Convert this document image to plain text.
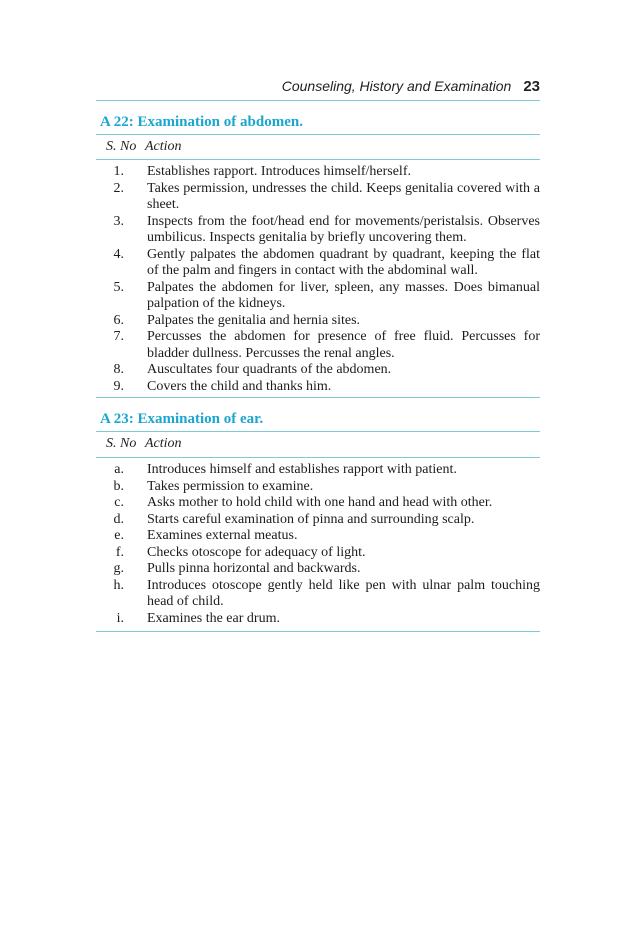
Counseling, History and Examination 23
A 22: Examination of abdomen.
S. No Action
1. Establishes rapport. Introduces himself/herself.
2. Takes permission, undresses the child. Keeps genitalia covered with a sheet.
3. Inspects from the foot/head end for movements/peristalsis. Observes umbilicus. Inspects genitalia by briefly uncovering them.
4. Gently palpates the abdomen quadrant by quadrant, keeping the flat of the palm and fingers in contact with the abdominal wall.
5. Palpates the abdomen for liver, spleen, any masses. Does bimanual palpation of the kidneys.
6. Palpates the genitalia and hernia sites.
7. Percusses the abdomen for presence of free fluid. Percusses for bladder dullness. Percusses the renal angles.
8. Auscultates four quadrants of the abdomen.
9. Covers the child and thanks him.
A 23: Examination of ear.
S. No Action
a. Introduces himself and establishes rapport with patient.
b. Takes permission to examine.
c. Asks mother to hold child with one hand and head with other.
d. Starts careful examination of pinna and surrounding scalp.
e. Examines external meatus.
f. Checks otoscope for adequacy of light.
g. Pulls pinna horizontal and backwards.
h. Introduces otoscope gently held like pen with ulnar palm touching head of child.
i. Examines the ear drum.
